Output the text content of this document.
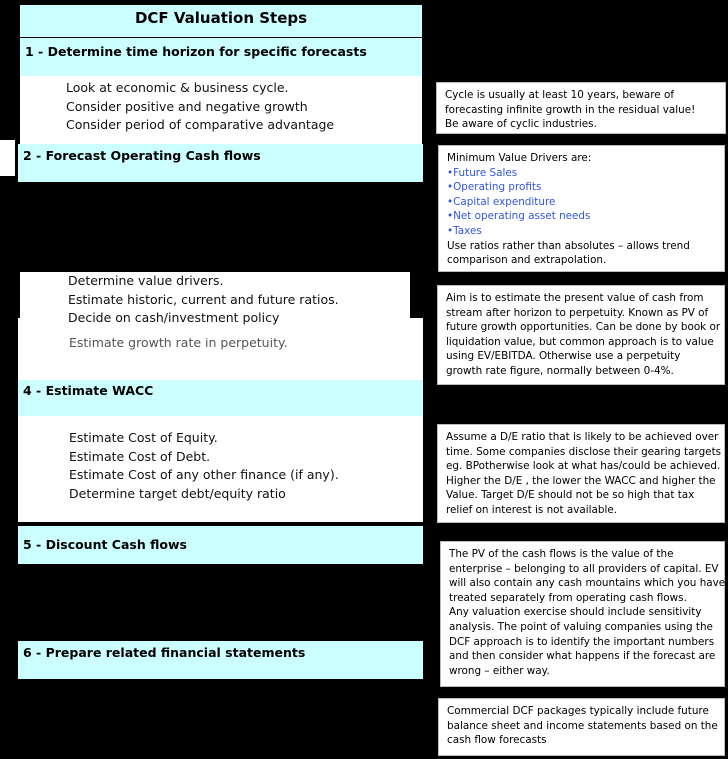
DCF Valuation Steps
1 - Determine time horizon for specific forecasts
Look at economic & business cycle.
Consider positive and negative growth
Consider period of comparative advantage
2 - Forecast Operating Cash flows
Estimate growth rate in perpetuity.
Determine value drivers.
Estimate historic, current and future ratios.
Decide on cash/investment policy
4 - Estimate WACC
Estimate Cost of Equity.
Estimate Cost of Debt.
Estimate Cost of any other finance (if any).
Determine target debt/equity ratio
5 - Discount Cash flows
6 - Prepare related financial statements
Cycle is usually at least 10 years, beware of
forecasting infinite growth in the residual value!
Be aware of cyclic industries.
Minimum Value Drivers are:
•Future Sales
•Operating profits
•Capital expenditure
•Net operating asset needs
•Taxes
Use ratios rather than absolutes – allows trend
comparison and extrapolation.
Aim is to estimate the present value of cash from
stream after horizon to perpetuity. Known as PV of
future growth opportunities. Can be done by book or
liquidation value, but common approach is to value
using EV/EBITDA. Otherwise use a perpetuity
growth rate figure, normally between 0-4%.
Assume a D/E ratio that is likely to be achieved over
time. Some companies disclose their gearing targets
eg. BPotherwise look at what has/could be achieved.
Higher the D/E , the lower the WACC and higher the
Value. Target D/E should not be so high that tax
relief on interest is not available.
The PV of the cash flows is the value of the
enterprise – belonging to all providers of capital. EV
will also contain any cash mountains which you have
treated separately from operating cash flows.
Any valuation exercise should include sensitivity
analysis. The point of valuing companies using the
DCF approach is to identify the important numbers
and then consider what happens if the forecast are
wrong – either way.
Commercial DCF packages typically include future
balance sheet and income statements based on the
cash flow forecasts
